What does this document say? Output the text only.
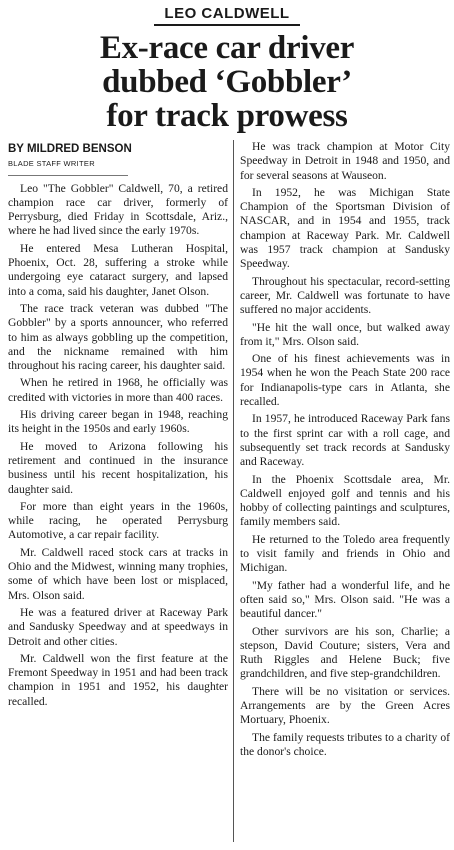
LEO CALDWELL
Ex-race car driver
dubbed ‘Gobbler’
for track prowess
BY MILDRED BENSON
BLADE STAFF WRITER

Leo "The Gobbler" Caldwell, 70, a retired champion race car driver, formerly of Perrysburg, died Friday in Scottsdale, Ariz., where he had lived since the early 1970s.

He entered Mesa Lutheran Hospital, Phoenix, Oct. 28, suffering a stroke while undergoing eye cataract surgery, and lapsed into a coma, said his daughter, Janet Olson.

The race track veteran was dubbed "The Gobbler" by a sports announcer, who referred to him as always gobbling up the competition, and the nickname remained with him throughout his racing career, his daughter said.

When he retired in 1968, he officially was credited with victories in more than 400 races.

His driving career began in 1948, reaching its height in the 1950s and early 1960s.

He moved to Arizona following his retirement and continued in the insurance business until his recent hospitalization, his daughter said.

For more than eight years in the 1960s, while racing, he operated Perrysburg Automotive, a car repair facility.

Mr. Caldwell raced stock cars at tracks in Ohio and the Midwest, winning many trophies, some of which have been lost or misplaced, Mrs. Olson said.

He was a featured driver at Raceway Park and Sandusky Speedway and at speedways in Detroit and other cities.

Mr. Caldwell won the first feature at the Fremont Speedway in 1951 and had been track champion in 1951 and 1952, his daughter recalled.

He was track champion at Motor City Speedway in Detroit in 1948 and 1950, and for several seasons at Wauseon.

In 1952, he was Michigan State Champion of the Sportsman Division of NASCAR, and in 1954 and 1955, track champion at Raceway Park. Mr. Caldwell was 1957 track champion at Sandusky Speedway.

Throughout his spectacular, record-setting career, Mr. Caldwell was fortunate to have suffered no major accidents.

"He hit the wall once, but walked away from it," Mrs. Olson said.

One of his finest achievements was in 1954 when he won the Peach State 200 race for Indianapolis-type cars in Atlanta, she recalled.

In 1957, he introduced Raceway Park fans to the first sprint car with a roll cage, and subsequently set track records at Sandusky and Raceway.

In the Phoenix Scottsdale area, Mr. Caldwell enjoyed golf and tennis and his hobby of collecting paintings and sculptures, family members said.

He returned to the Toledo area frequently to visit family and friends in Ohio and Michigan.

"My father had a wonderful life, and he often said so," Mrs. Olson said. "He was a beautiful dancer."

Other survivors are his son, Charlie; a stepson, David Couture; sisters, Vera and Ruth Riggles and Helene Buck; five grandchildren, and five step-grandchildren.

There will be no visitation or services. Arrangements are by the Green Acres Mortuary, Phoenix.

The family requests tributes to a charity of the donor's choice.
